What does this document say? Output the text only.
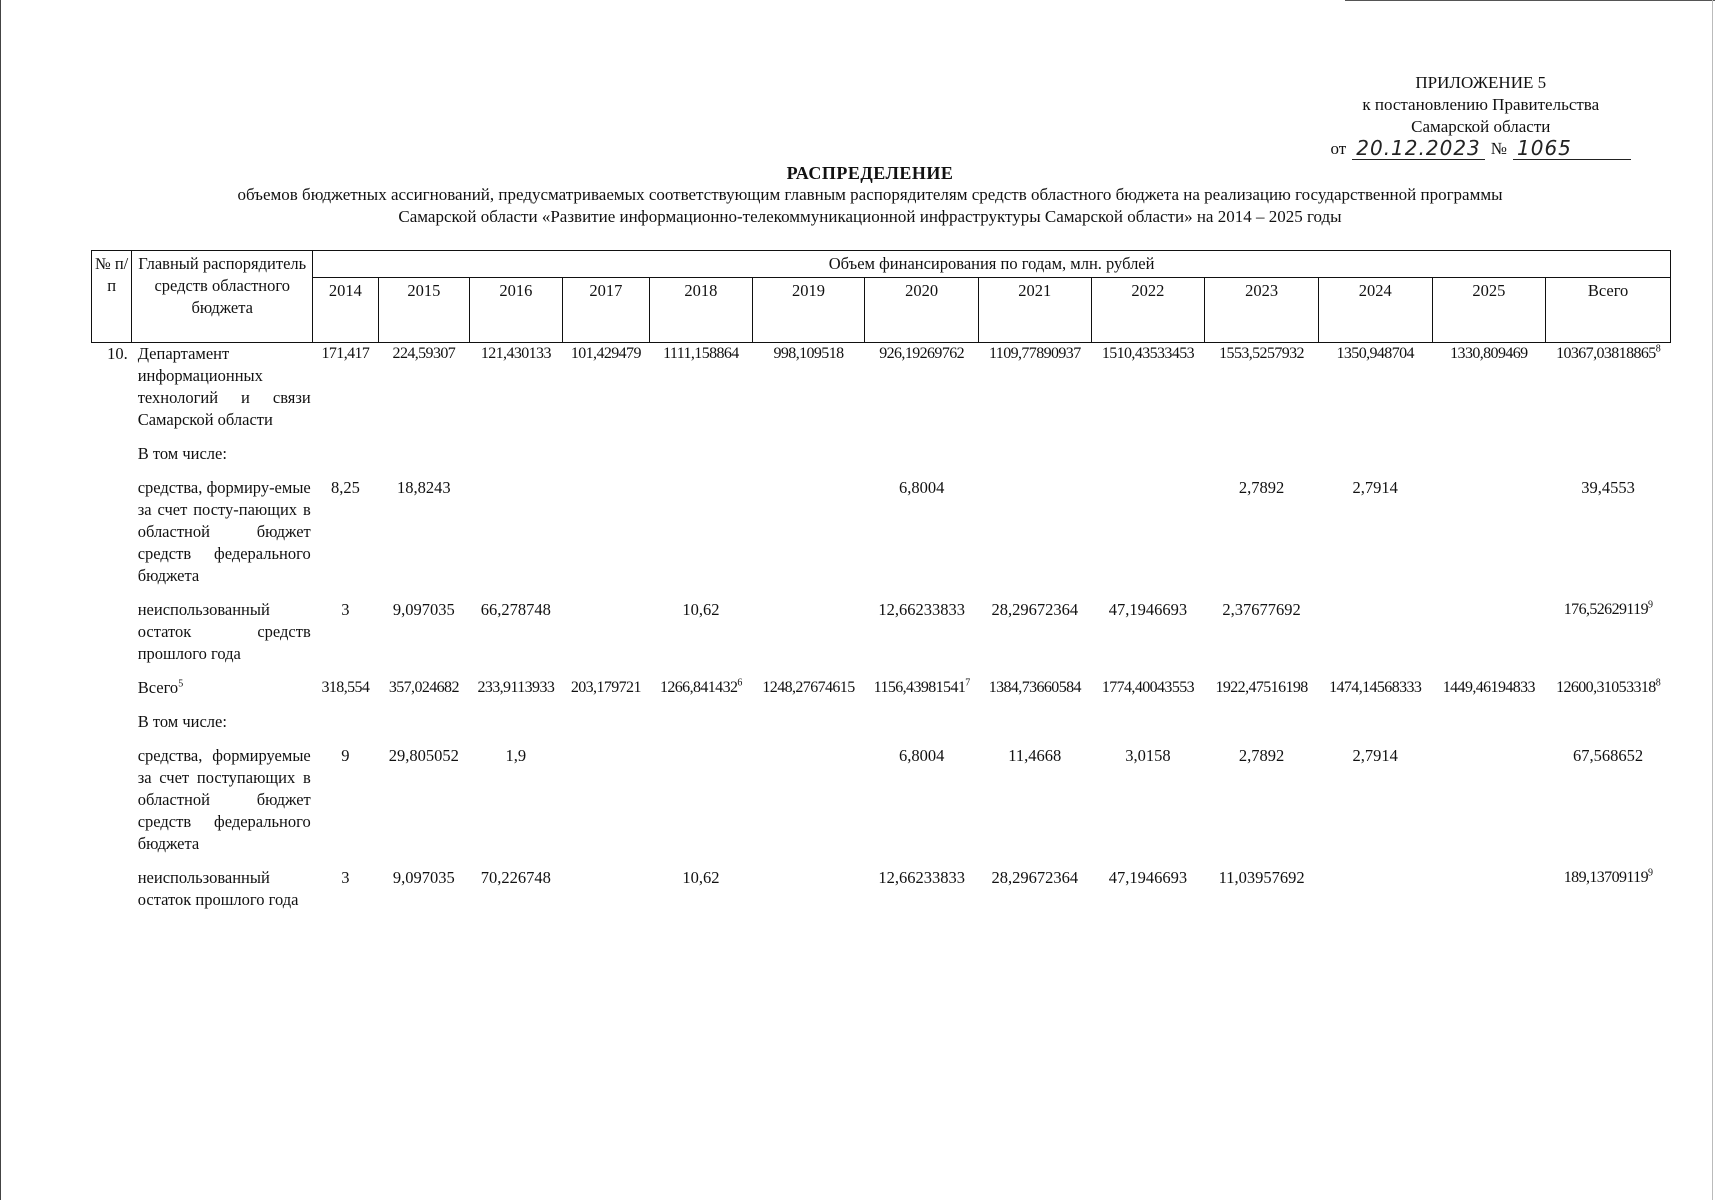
ПРИЛОЖЕНИЕ 5
к постановлению Правительства
Самарской области
от 20.12.2023 № 1065
РАСПРЕДЕЛЕНИЕ
объемов бюджетных ассигнований, предусматриваемых соответствующим главным распорядителям средств областного бюджета на реализацию государственной программы
Самарской области «Развитие информационно-телекоммуникационной инфраструктуры Самарской области» на 2014 – 2025 годы
№ п/п	Главный распорядитель средств областного бюджета	Объем финансирования по годам, млн. рублей												
		2014	2015	2016	2017	2018	2019	2020	2021	2022	2023	2024	2025	Всего
10.	Департамент информационных технологий и связи Самарской области	171,417	224,59307	121,430133	101,429479	1111,158864	998,109518	926,19269762	1109,77890937	1510,43533453	1553,5257932	1350,948704	1330,809469	10367,03818865$^8$

	В том числе:													

	средства, формиру-емые за счет посту-пающих в областной бюджет средств федерального бюджета	8,25	18,8243					6,8004			2,7892	2,7914		39,4553

	неиспользованный остаток средств прошлого года	3	9,097035	66,278748		10,62		12,66233833	28,29672364	47,1946693	2,37677692			176,52629119$^9$

	Всего$^5$	318,554	357,024682	233,9113933	203,179721	1266,841432$^6$	1248,27674615	1156,43981541$^7$	1384,73660584	1774,40043553	1922,47516198	1474,14568333	1449,46194833	12600,31053318$^8$

	В том числе:													

	средства, формируемые за счет поступающих в областной бюджет средств федерального бюджета	9	29,805052	1,9				6,8004	11,4668	3,0158	2,7892	2,7914		67,568652

	неиспользованный остаток прошлого года	3	9,097035	70,226748		10,62		12,66233833	28,29672364	47,1946693	11,03957692			189,13709119$^9$
